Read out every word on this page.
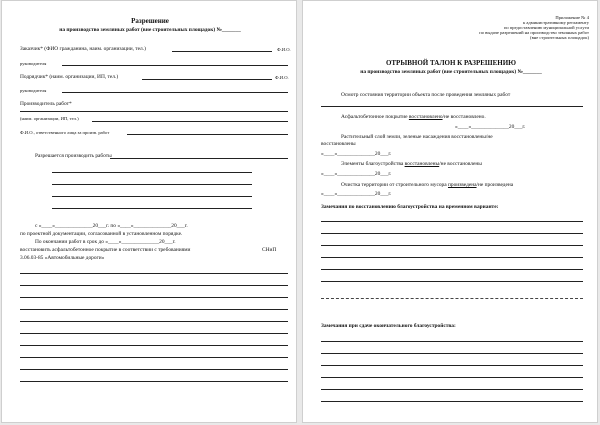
Разрешение
на производство земляных работ (вне строительных площадок) №_______
Заказчик* (ФИО гражданина, наим. организации, тел.)	Ф.И.О.
руководителя
Подрядчик* (наим. организации, ИП, тел.)	Ф.И.О.
руководителя
Производитель работ*
(наим. организации, ИП, тел.)
Ф.И.О., ответственного лица за произв. работ
Разрешается производить работы
с «____»______________20___г. по «____»______________20___г.
по проектной документации, согласованной в установленном порядке.
По окончании работ в срок до «____»______________20___г.
восстановить асфальтобетонное покрытие в соответствии с требованиями	СНиП
3.06.03-85 «Автомобильные дороги»
Приложение № 4
к административному регламенту
по предоставлению муниципальной услуги
по выдаче разрешений на производство земляных работ
(вне строительных площадок)
ОТРЫВНОЙ ТАЛОН К РАЗРЕШЕНИЮ
на производство земляных работ (вне строительных площадок) №_______
Осмотр состояния территории объекта после проведения земляных работ
Асфальтобетонное покрытие восстановлено/не восстановлено.
«____»______________20___г.
Растительный слой земли, зеленые насаждения восстановлены/не
восстановлены
«____»______________20___г.
Элементы благоустройства восстановлены/не восстановлены
«____»______________20___г.
Очистка территории от строительного мусора произведена/не произведена
«____»______________20___г.
Замечания по восстановлению благоустройства на временном варианте:
Замечания при сдаче окончательного благоустройства:
